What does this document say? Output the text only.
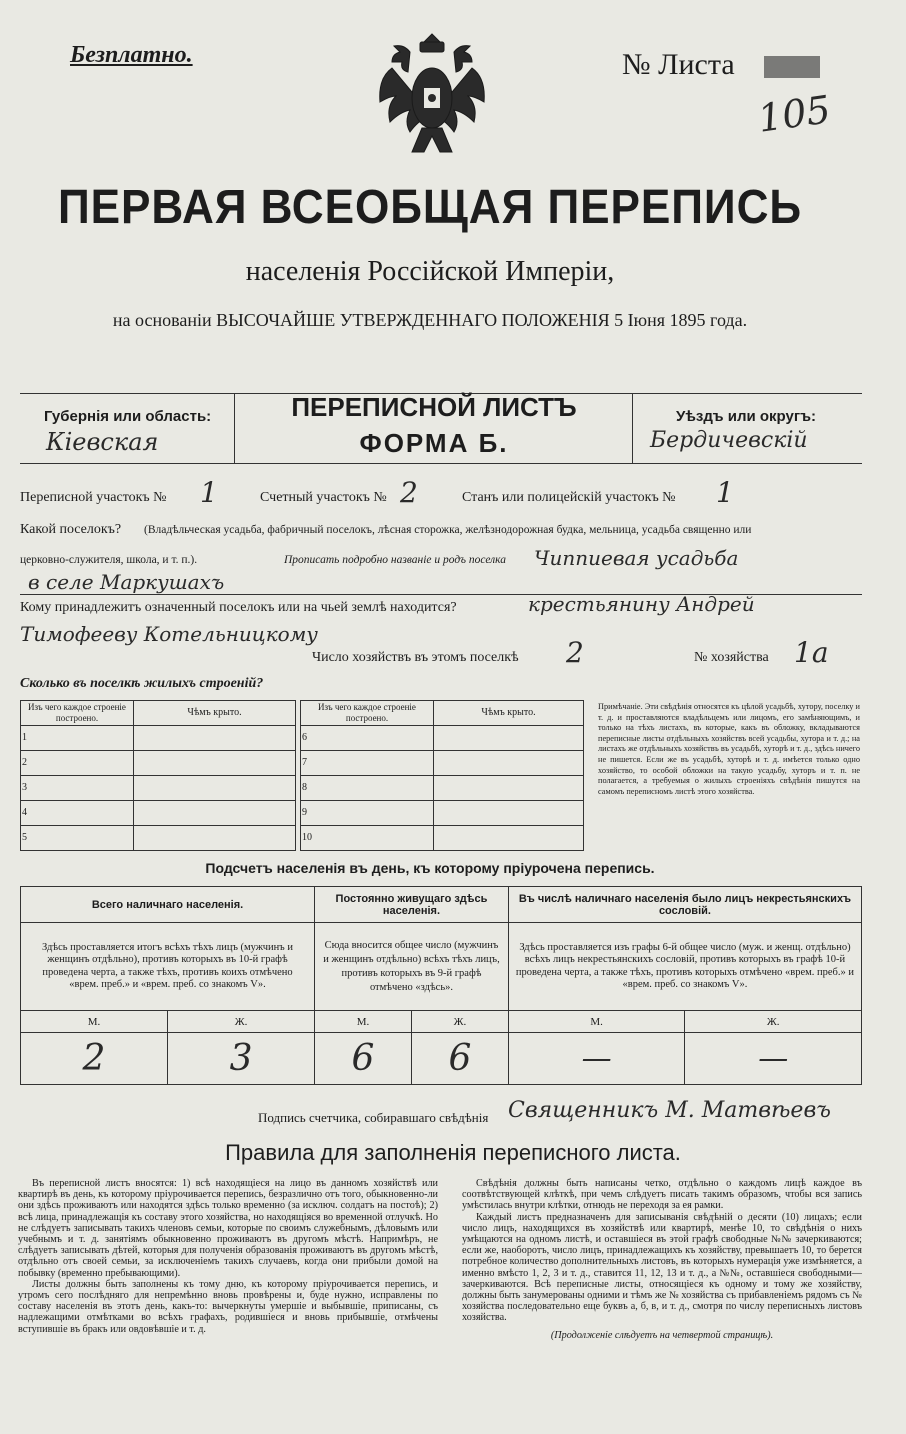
Безплатно.	№ Листа
105
ПЕРВАЯ ВСЕОБЩАЯ ПЕРЕПИСЬ
населенія Россійской Имперіи,
на основаніи ВЫСОЧАЙШЕ УТВЕРЖДЕННАГО ПОЛОЖЕНІЯ 5 Іюня 1895 года.
Губернія или область:
Кіевская
ПЕРЕПИСНОЙ ЛИСТЪ
ФОРМА Б.
Уѣздъ или округъ:
Бердичевскій
Переписной участокъ № 1	Счетный участокъ № 2	Станъ или полицейскій участокъ № 1
Какой поселокъ? (Владѣльческая усадьба, фабричный поселокъ, лѣсная сторожка, желѣзнодорожная будка, мельница, усадьба священно или
церковно-служителя, школа, и т. п.).	Прописать подробно названіе и родъ поселка Чиппиевая усадьба
в селе Маркушахъ
Кому принадлежитъ означенный поселокъ или на чьей землѣ находится?	крестьянину Андрей
Тимофееву Котельницкому
Число хозяйствъ въ этомъ поселкѣ 2	№ хозяйства 1а
Сколько въ поселкѣ жилыхъ строеній?
Изъ чего каждое строеніе построено.	Чѣмъ крыто.
1	
2	
3	
4	
5	
Изъ чего каждое строеніе построено.	Чѣмъ крыто.
6	
7	
8	
9	
10	
Примѣчаніе. Эти свѣдѣнія относятся къ цѣлой усадьбѣ, хутору, поселку и т. д. и проставляются владѣльцемъ или лицомъ, его замѣняющимъ, и только на тѣхъ листахъ, въ которые, какъ въ обложку, вкладываются переписные листы отдѣльныхъ хозяйствъ всей усадьбы, хутора и т. д.; на листахъ же отдѣльныхъ хозяйствъ въ усадьбѣ, хуторѣ и т. д., здѣсь ничего не пишется. Если же въ усадьбѣ, хуторѣ и т. д. имѣется только одно хозяйство, то особой обложки на такую усадьбу, хуторъ и т. п. не полагается, а требуемыя о жилыхъ строеніяхъ свѣдѣнія пишутся на самомъ переписномъ листѣ этого хозяйства.
Подсчетъ населенія въ день, къ которому пріурочена перепись.
Всего наличнаго населенія.		Постоянно живущаго здѣсь населенія.		Въ числѣ наличнаго населенія было лицъ некрестьянскихъ сословій.	
Здѣсь проставляется итогъ всѣхъ тѣхъ лицъ (мужчинъ и женщинъ отдѣльно), противъ которыхъ въ 10-й графѣ проведена черта, а также тѣхъ, противъ коихъ отмѣчено «врем. преб.» и «врем. преб. со знакомъ V».		Сюда вносится общее число (мужчинъ и женщинъ отдѣльно) всѣхъ тѣхъ лицъ, противъ которыхъ въ 9-й графѣ отмѣчено «здѣсь».		Здѣсь проставляется изъ графы 6-й общее число (муж. и женщ. отдѣльно) всѣхъ лицъ некрестьянскихъ сословій, противъ которыхъ въ графѣ 10-й проведена черта, а также тѣхъ, противъ которыхъ отмѣчено «врем. преб.» и «врем. преб. со знакомъ V».	
М.	Ж.	М.	Ж.	М.	Ж.
2	3	6	6	—	—
Подпись счетчика, собиравшаго свѣдѣнія Священникъ М. Матвѣевъ
Правила для заполненія переписного листа.

Въ переписной листъ вносятся: 1) всѣ находящіеся на лицо въ данномъ хозяйствѣ или квартирѣ въ день, къ которому пріурочивается перепись, безразлично отъ того, обыкновенно-ли они здѣсь проживаютъ или находятся здѣсь только временно (за исключ. солдатъ на постоѣ); 2) всѣ лица, принадлежащія къ составу этого хозяйства, но находящіяся во временной отлучкѣ. Но не слѣдуетъ записывать такихъ членовъ семьи, которые по своимъ служебнымъ, дѣловымъ или учебнымъ и т. д. занятіямъ обыкновенно проживаютъ въ другомъ мѣстѣ. Напримѣръ, не слѣдуетъ записывать дѣтей, которыя для полученія образованія проживаютъ въ другомъ мѣстѣ, отдѣльно отъ своей семьи, за исключеніемъ такихъ случаевъ, когда они прибыли домой на побывку (временно пребывающими).

Листы должны быть заполнены къ тому дню, къ которому пріурочивается перепись, и утромъ сего послѣдняго для непремѣнно вновь провѣрены и, буде нужно, исправлены по составу населенія въ этотъ день, какъ-то: вычеркнуты умершіе и выбывшіе, приписаны, съ надлежащими отмѣтками во всѣхъ графахъ, родившіеся и вновь прибывшіе, отмѣчены вступившіе въ бракъ или овдовѣвшіе и т. д.

Свѣдѣнія должны быть написаны четко, отдѣльно о каждомъ лицѣ каждое въ соотвѣтствующей клѣткѣ, при чемъ слѣдуетъ писать такимъ образомъ, чтобы вся запись умѣстилась внутри клѣтки, отнюдь не переходя за ея рамки.

Каждый листъ предназначенъ для записыванія свѣдѣній о десяти (10) лицахъ; если число лицъ, находящихся въ хозяйствѣ или квартирѣ, менѣе 10, то свѣдѣнія о нихъ умѣщаются на одномъ листѣ, и оставшіеся въ этой графѣ свободные №№ зачеркиваются; если же, наоборотъ, число лицъ, принадлежащихъ къ хозяйству, превышаетъ 10, то берется потребное количество дополнительныхъ листовъ, въ которыхъ нумерація уже измѣняется, а именно вмѣсто 1, 2, 3 и т. д., ставится 11, 12, 13 и т. д., а №№, оставшіеся свободными—зачеркиваются. Всѣ переписные листы, относящіеся къ одному и тому же хозяйству, должны быть занумерованы одними и тѣмъ же № хозяйства съ прибавленіемъ рядомъ съ № хозяйства последовательно еще буквъ а, б, в, и т. д., смотря по числу переписныхъ листовъ хозяйства.

(Продолженіе слѣдуетъ на четвертой страницѣ).
